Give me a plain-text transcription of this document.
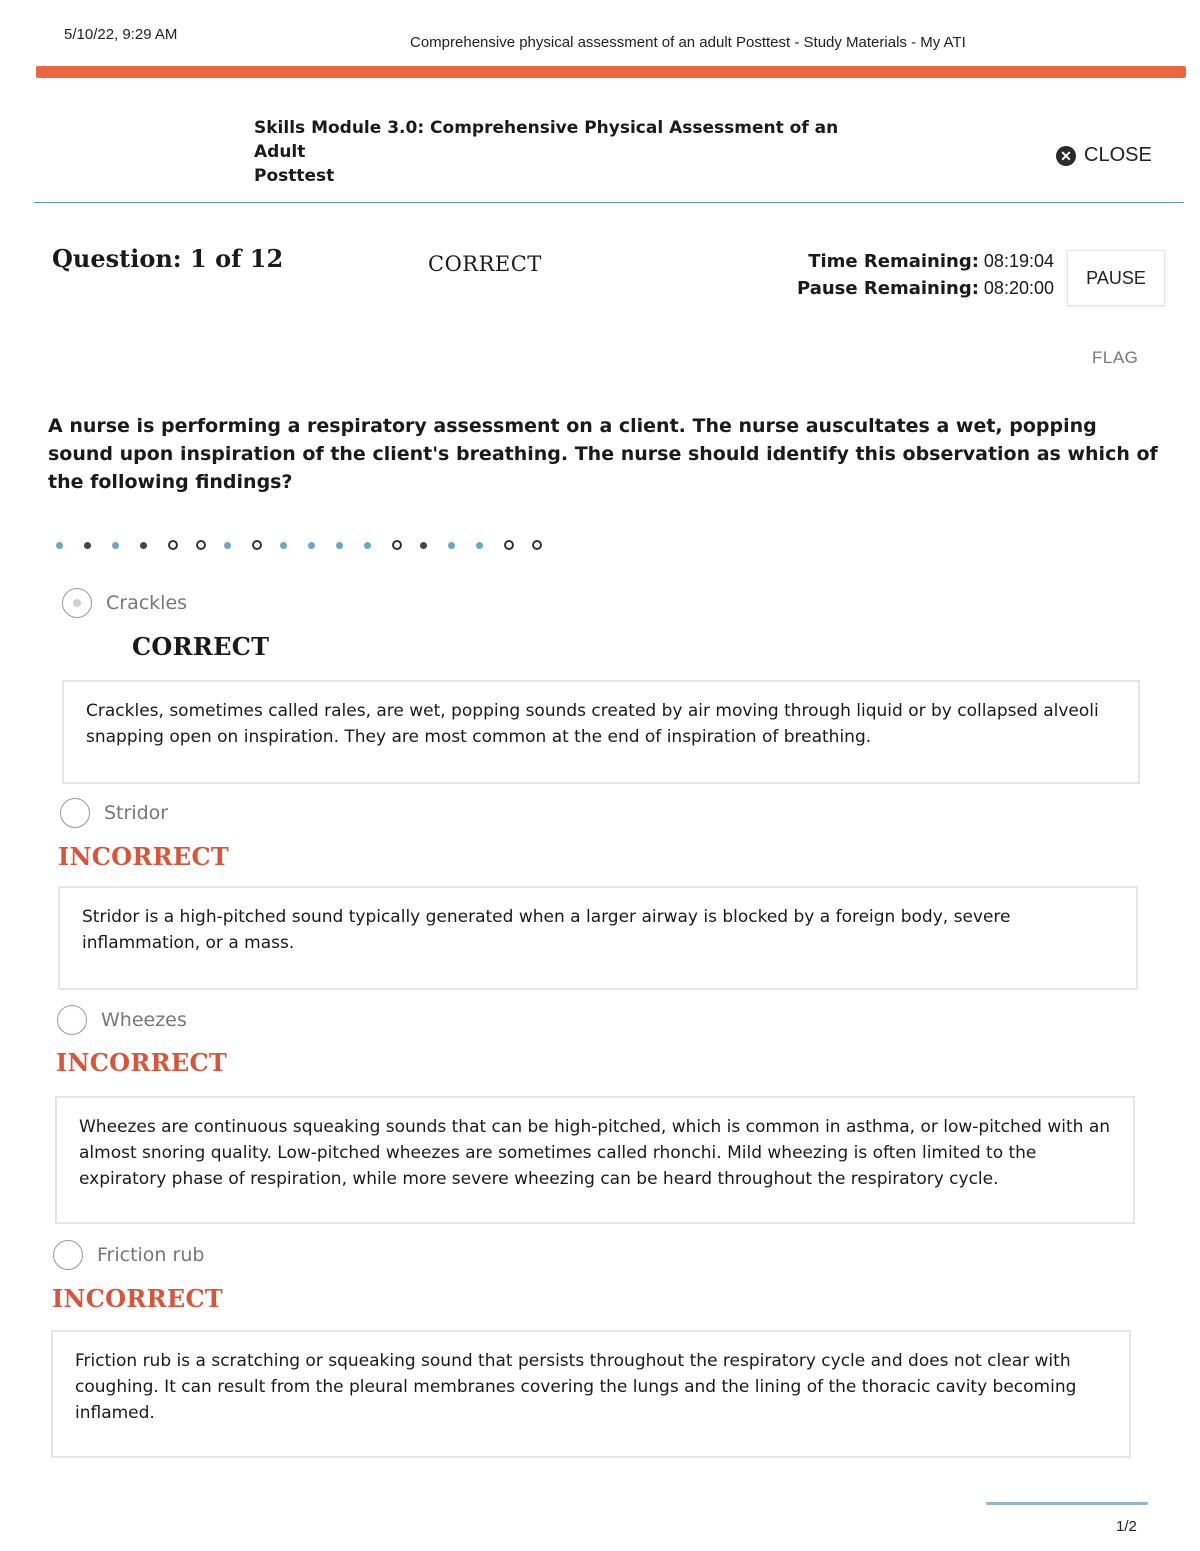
5/10/22, 9:29 AM	Comprehensive physical assessment of an adult Posttest - Study Materials - My ATI
Skills Module 3.0: Comprehensive Physical Assessment of an Adult
Posttest
✕ CLOSE
Question: 1 of 12	CORRECT	Time Remaining: 08:19:04
Pause Remaining: 08:20:00
PAUSE
FLAG
A nurse is performing a respiratory assessment on a client. The nurse auscultates a wet, popping sound upon inspiration of the client's breathing. The nurse should identify this observation as which of the following findings?
Crackles
CORRECT
Crackles, sometimes called rales, are wet, popping sounds created by air moving through liquid or by collapsed alveoli snapping open on inspiration. They are most common at the end of inspiration of breathing.
Stridor
INCORRECT
Stridor is a high-pitched sound typically generated when a larger airway is blocked by a foreign body, severe inflammation, or a mass.
Wheezes
INCORRECT
Wheezes are continuous squeaking sounds that can be high-pitched, which is common in asthma, or low-pitched with an almost snoring quality. Low-pitched wheezes are sometimes called rhonchi. Mild wheezing is often limited to the expiratory phase of respiration, while more severe wheezing can be heard throughout the respiratory cycle.
Friction rub
INCORRECT
Friction rub is a scratching or squeaking sound that persists throughout the respiratory cycle and does not clear with coughing. It can result from the pleural membranes covering the lungs and the lining of the thoracic cavity becoming inflamed.
1/2
